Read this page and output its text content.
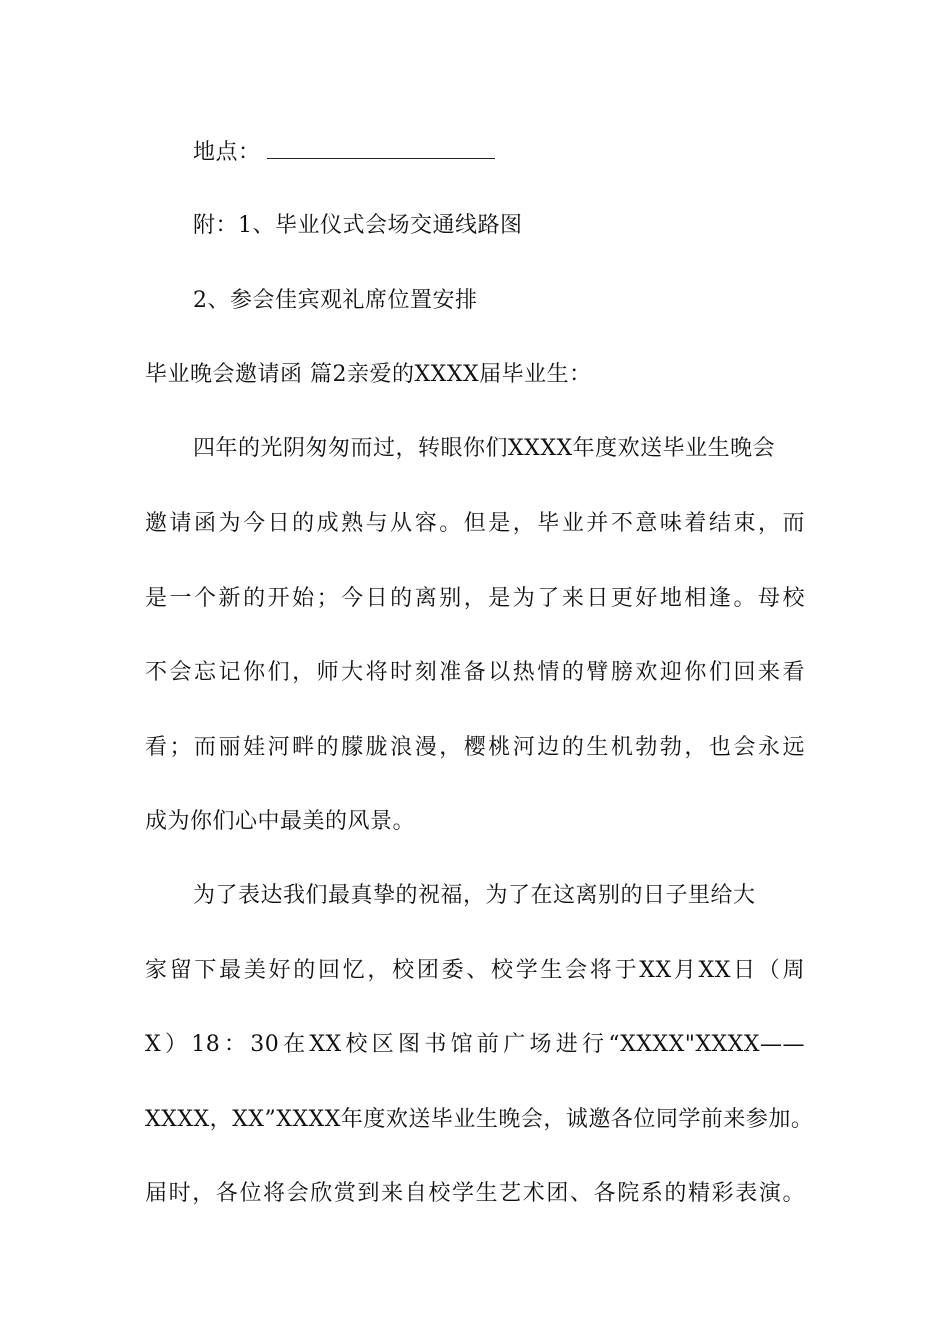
地点：
附：1、毕业仪式会场交通线路图
2、参会佳宾观礼席位置安排
毕业晚会邀请函 篇2亲爱的XXXX届毕业生：
四年的光阴匆匆而过，转眼你们XXXX年度欢送毕业生晚会
邀请函为今日的成熟与从容。但是，毕业并不意味着结束，而
是一个新的开始；今日的离别，是为了来日更好地相逢。母校
不会忘记你们，师大将时刻准备以热情的臂膀欢迎你们回来看
看；而丽娃河畔的朦胧浪漫，樱桃河边的生机勃勃，也会永远
成为你们心中最美的风景。
为了表达我们最真挚的祝福，为了在这离别的日子里给大
家留下最美好的回忆，校团委、校学生会将于XX月XX日（周
X）18：30在XX校区图书馆前广场进行“XXXX"XXXX——
XXXX，XX”XXXX年度欢送毕业生晚会，诚邀各位同学前来参加。
届时，各位将会欣赏到来自校学生艺术团、各院系的精彩表演。
